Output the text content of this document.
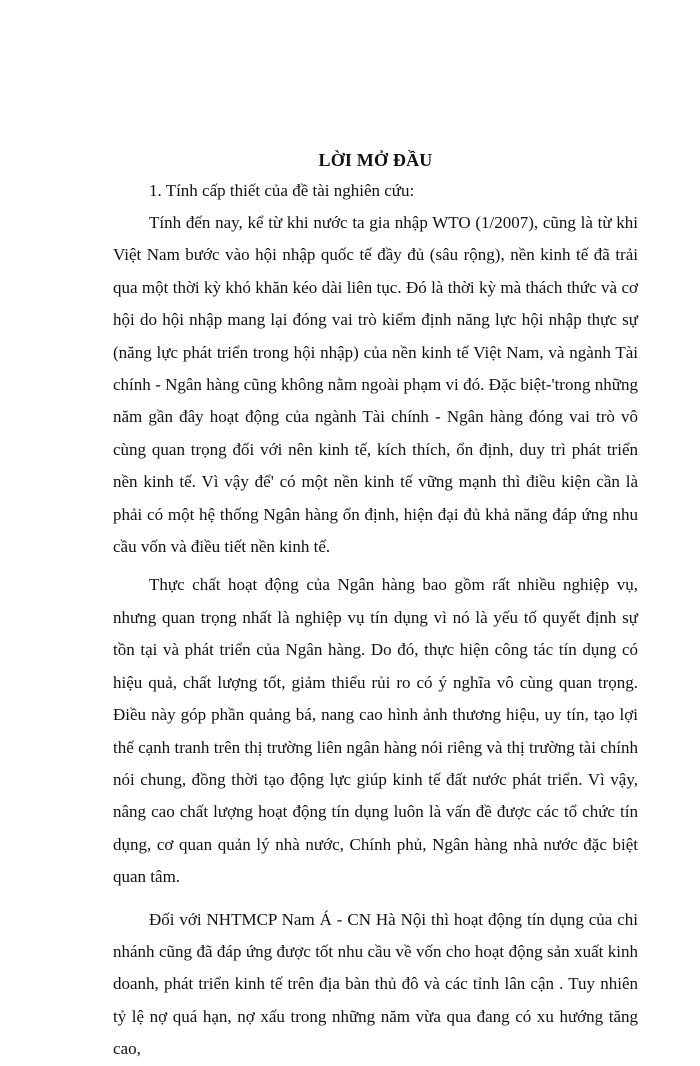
LỜI MỞ ĐẦU
1. Tính cấp thiết của đề tài nghiên cứu:

Tính đến nay, kể từ khi nước ta gia nhập WTO (1/2007), cũng là từ khi Việt Nam bước vào hội nhập quốc tế đầy đủ (sâu rộng), nền kinh tế đã trải qua một thời kỳ khó khăn kéo dài liên tục. Đó là thời kỳ mà thách thức và cơ hội do hội nhập mang lại đóng vai trò kiểm định năng lực hội nhập thực sự (năng lực phát triển trong hội nhập) của nền kinh tế Việt Nam, và ngành Tài chính - Ngân hàng cũng không nằm ngoài phạm vi đó. Đặc biệt-'trong những năm gần đây hoạt động của ngành Tài chính - Ngân hàng đóng vai trò vô cùng quan trọng đối với nên kinh tế, kích thích, ổn định, duy trì phát triển nền kinh tế. Vì vậy để' có một nền kinh tế vững mạnh thì điều kiện cần là phải có một hệ thống Ngân hàng ổn định, hiện đại đủ khả năng đáp ứng nhu cầu vốn và điều tiết nền kinh tế.

Thực chất hoạt động của Ngân hàng bao gồm rất nhiều nghiệp vụ, nhưng quan trọng nhất là nghiệp vụ tín dụng vì nó là yếu tố quyết định sự tồn tại và phát triển của Ngân hàng. Do đó, thực hiện công tác tín dụng có hiệu quả, chất lượng tốt, giảm thiểu rủi ro có ý nghĩa vô cùng quan trọng. Điều này góp phần quảng bá, nang cao hình ảnh thương hiệu, uy tín, tạo lợi thế cạnh tranh trên thị trường liên ngân hàng nói riêng và thị trường tài chính nói chung, đồng thời tạo động lực giúp kinh tế đất nước phát triển. Vì vậy, nâng cao chất lượng hoạt động tín dụng luôn là vấn đề được các tổ chức tín dụng, cơ quan quản lý nhà nước, Chính phủ, Ngân hàng nhà nước đặc biệt quan tâm.

Đối với NHTMCP Nam Á - CN Hà Nội thì hoạt động tín dụng của chi nhánh cũng đã đáp ứng được tốt nhu cầu về vốn cho hoạt động sản xuất kinh doanh, phát triển kinh tế trên địa bàn thủ đô và các tỉnh lân cận . Tuy nhiên tỷ lệ nợ quá hạn, nợ xấu trong những năm vừa qua đang có xu hướng tăng cao,
